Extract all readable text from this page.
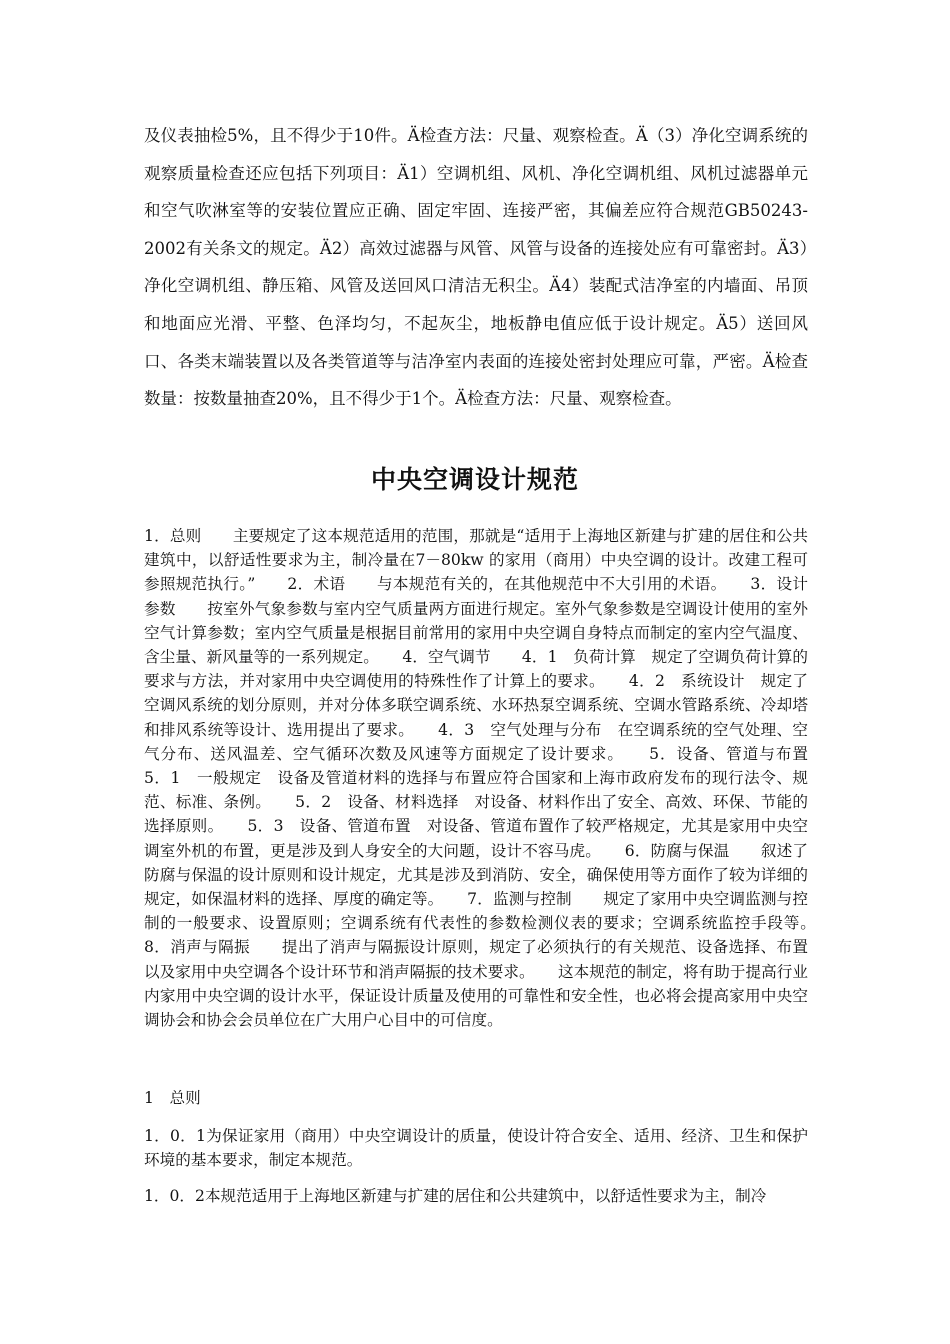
及仪表抽检5%，且不得少于10件。Ä检查方法：尺量、观察检查。Ä（3）净化空调系统的观察质量检查还应包括下列项目：Ä1）空调机组、风机、净化空调机组、风机过滤器单元和空气吹淋室等的安装位置应正确、固定牢固、连接严密，其偏差应符合规范GB50243-2002有关条文的规定。Ä2）高效过滤器与风管、风管与设备的连接处应有可靠密封。Ä3）净化空调机组、静压箱、风管及送回风口清洁无积尘。Ä4）装配式洁净室的内墙面、吊顶和地面应光滑、平整、色泽均匀，不起灰尘，地板静电值应低于设计规定。Ä5）送回风口、各类末端装置以及各类管道等与洁净室内表面的连接处密封处理应可靠，严密。Ä检查数量：按数量抽查20%，且不得少于1个。Ä检查方法：尺量、观察检查。

中央空调设计规范

1．总则　　主要规定了这本规范适用的范围，那就是“适用于上海地区新建与扩建的居住和公共建筑中，以舒适性要求为主，制冷量在7－80kw 的家用（商用）中央空调的设计。改建工程可参照规范执行。”　　2．术语　　与本规范有关的，在其他规范中不大引用的术语。　　3．设计参数　　按室外气象参数与室内空气质量两方面进行规定。室外气象参数是空调设计使用的室外空气计算参数；室内空气质量是根据目前常用的家用中央空调自身特点而制定的室内空气温度、含尘量、新风量等的一系列规定。　　4．空气调节　　4．1　负荷计算　规定了空调负荷计算的要求与方法，并对家用中央空调使用的特殊性作了计算上的要求。　　4．2　系统设计　规定了空调风系统的划分原则，并对分体多联空调系统、水环热泵空调系统、空调水管路系统、冷却塔和排风系统等设计、选用提出了要求。　　4．3　空气处理与分布　在空调系统的空气处理、空气分布、送风温差、空气循环次数及风速等方面规定了设计要求。　　5．设备、管道与布置　　5．1　一般规定　设备及管道材料的选择与布置应符合国家和上海市政府发布的现行法令、规范、标准、条例。　　5．2　设备、材料选择　对设备、材料作出了安全、高效、环保、节能的选择原则。　　5．3　设备、管道布置　对设备、管道布置作了较严格规定，尤其是家用中央空调室外机的布置，更是涉及到人身安全的大问题，设计不容马虎。　　6．防腐与保温　　叙述了防腐与保温的设计原则和设计规定，尤其是涉及到消防、安全，确保使用等方面作了较为详细的规定，如保温材料的选择、厚度的确定等。　　7．监测与控制　　规定了家用中央空调监测与控制的一般要求、设置原则；空调系统有代表性的参数检测仪表的要求；空调系统监控手段等。　8．消声与隔振　　提出了消声与隔振设计原则，规定了必须执行的有关规范、设备选择、布置以及家用中央空调各个设计环节和消声隔振的技术要求。　　这本规范的制定，将有助于提高行业内家用中央空调的设计水平，保证设计质量及使用的可靠性和安全性，也必将会提高家用中央空调协会和协会会员单位在广大用户心目中的可信度。

1　总则

1．0．1为保证家用（商用）中央空调设计的质量，使设计符合安全、适用、经济、卫生和保护环境的基本要求，制定本规范。

1．0．2本规范适用于上海地区新建与扩建的居住和公共建筑中，以舒适性要求为主，制冷
